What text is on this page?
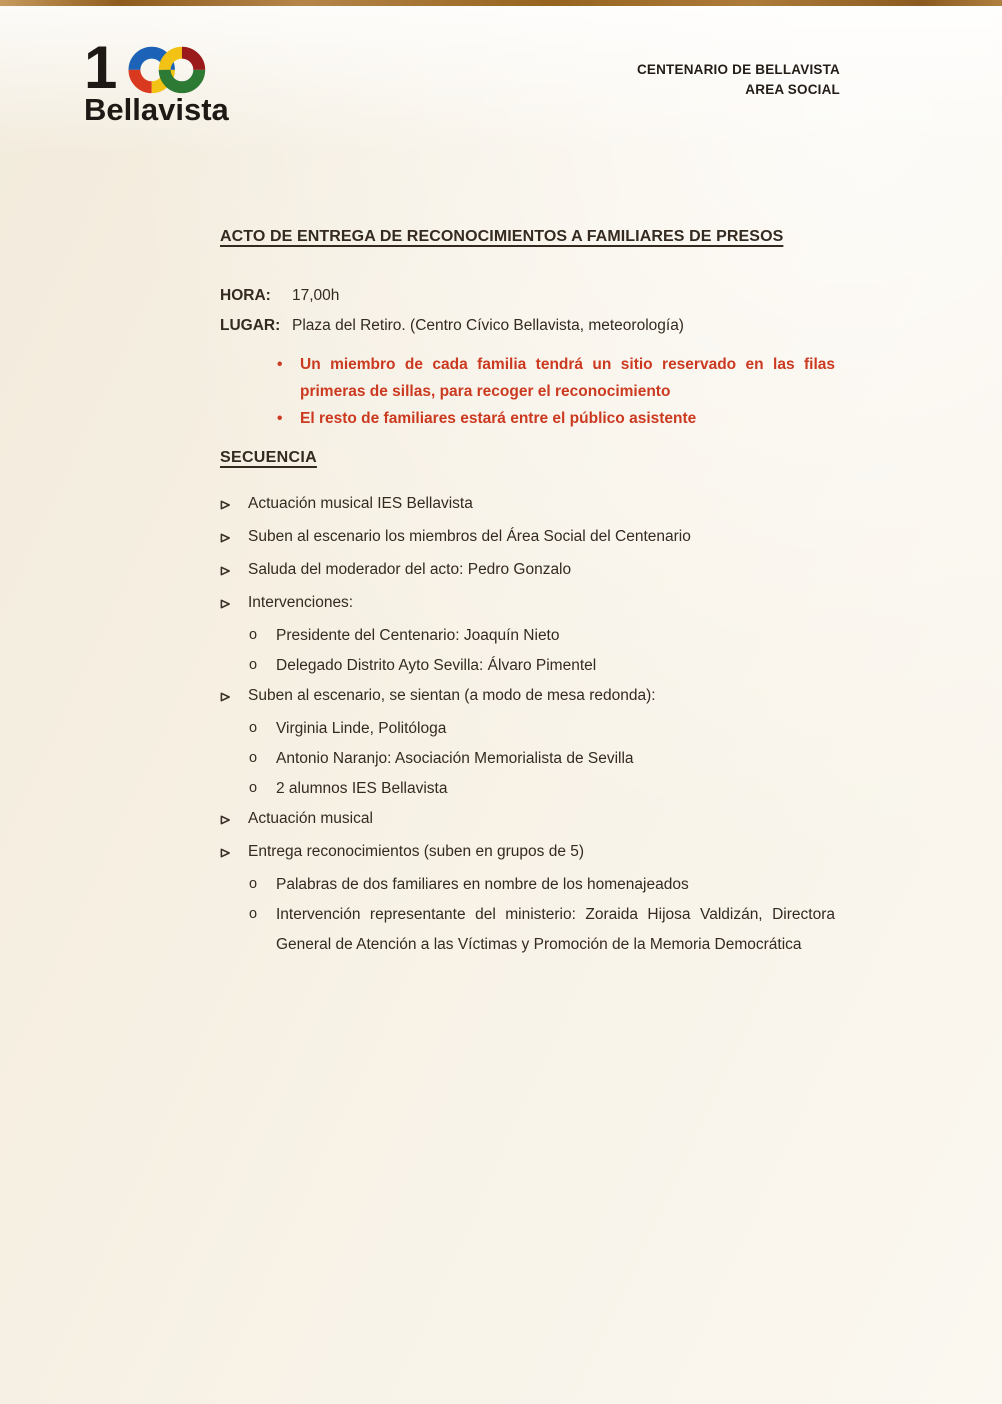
1
Bellavista
CENTENARIO DE BELLAVISTA
AREA SOCIAL
ACTO DE ENTREGA DE RECONOCIMIENTOS A FAMILIARES DE PRESOS
HORA: 17,00h
LUGAR: Plaza del Retiro. (Centro Cívico Bellavista, meteorología)
•	Un miembro de cada familia tendrá un sitio reservado en las filas primeras de sillas, para recoger el reconocimiento
•	El resto de familiares estará entre el público asistente
SECUENCIA
Actuación musical IES Bellavista
Suben al escenario los miembros del Área Social del Centenario
Saluda del moderador del acto: Pedro Gonzalo
Intervenciones:
o	Presidente del Centenario: Joaquín Nieto
o	Delegado Distrito Ayto Sevilla: Álvaro Pimentel
Suben al escenario, se sientan (a modo de mesa redonda):
o	Virginia Linde, Politóloga
o	Antonio Naranjo: Asociación Memorialista de Sevilla
o	2 alumnos IES Bellavista
Actuación musical
Entrega reconocimientos (suben en grupos de 5)
o	Palabras de dos familiares en nombre de los homenajeados
o	Intervención representante del ministerio: Zoraida Hijosa Valdizán, Directora General de Atención a las Víctimas y Promoción de la Memoria Democrática
